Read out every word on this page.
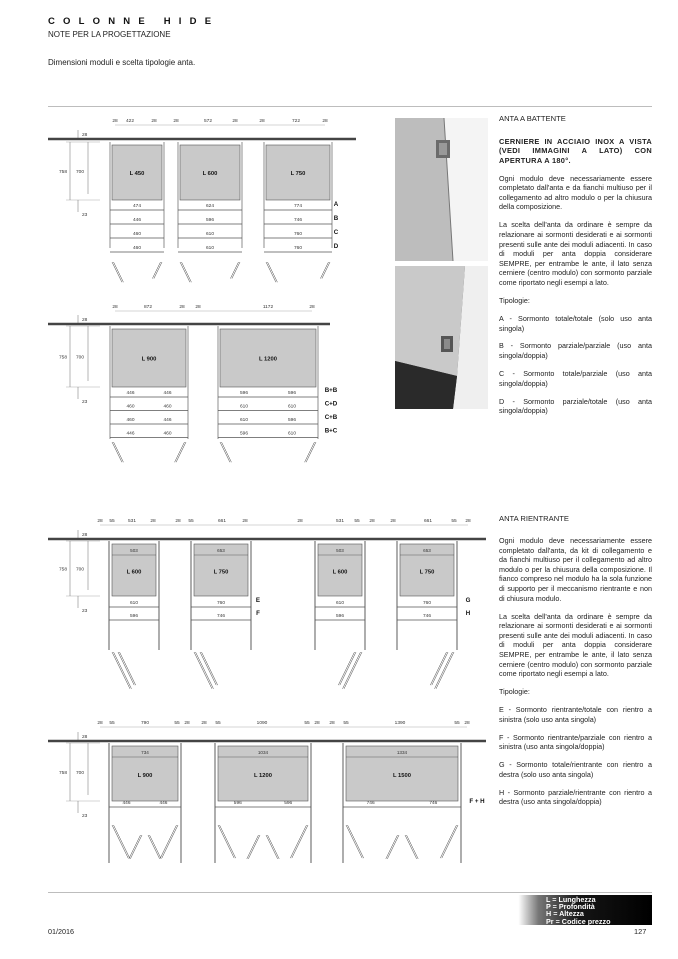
COLONNE HIDE
NOTE PER LA PROGETTAZIONE
Dimensioni moduli e scelta tipologie anta.
ANTA A BATTENTE

CERNIERE IN ACCIAIO INOX A VISTA (VEDI IMMAGINI A LATO) CON APERTURA A 180°.

Ogni modulo deve necessariamente essere completato dall'anta e da fianchi multiuso per il collegamento ad altro modulo o per la chiusura della composizione.

La scelta dell'anta da ordinare è sempre da relazionare ai sormonti desiderati e ai sormonti presenti sulle ante dei moduli adiacenti. In caso di moduli per anta doppia considerare SEMPRE, per entrambe le ante, il lato senza cerniere (centro modulo) con sormonto parziale come riportato negli esempi a lato.

Tipologie:

A - Sormonto totale/totale (solo uso anta singola)

B - Sormonto parziale/parziale (uso anta singola/doppia)

C - Sormonto totale/parziale (uso anta singola/doppia)

D - Sormonto parziale/totale (uso anta singola/doppia)

ANTA RIENTRANTE

Ogni modulo deve necessariamente essere completato dall'anta, da kit di collegamento e da fianchi multiuso per il collegamento ad altro modulo o per la chiusura della composizione. Il fianco compreso nel modulo ha la sola funzione di supporto per il meccanismo rientrante e non di chiusura modulo.

La scelta dell'anta da ordinare è sempre da relazionare ai sormonti desiderati e ai sormonti presenti sulle ante dei moduli adiacenti. In caso di moduli per anta doppia considerare SEMPRE, per entrambe le ante, il lato senza cerniere (centro modulo) con sormonto parziale come riportato negli esempi a lato.

Tipologie:

E - Sormonto rientrante/totale con rientro a sinistra (solo uso anta singola)

F - Sormonto rientrante/parziale con rientro a sinistra (uso anta singola/doppia)

G - Sormonto totale/rientrante con rientro a destra (solo uso anta singola)

H - Sormonto parziale/rientrante con rientro a destra (uso anta singola/doppia)

28
758 700
23
28 422	28	28	572	28	28	722	28
L 450
474
446
460
460
L 600
624
596
610
610
L 750
774
746
760
760
A
B
C
D
28
758 700
23
28	872	28 28	1172	28
L 900
446	446
460	460
460	446
446	460
L 1200
596	596
610	610
610	596
596	610
B+B
C+D
C+B
B+C
28
758 700
23
28 55	531	28	28 55	661	28	28	531 55 28	28	661	55 28
503
L 600
610
596
653
L 750
760
746
503
L 600
610
596
653
L 750
760
746
E
F
G
H
28
758 700
23
28 55	790	55 28 28 55	1090	55 28 28 55	1390	55 28
734
L 900
446	446
1034
L 1200
596	596
1334
L 1500
746	746	F + H
L = Lunghezza
P = Profondità
H = Altezza
Pr = Codice prezzo
01/2016	127
